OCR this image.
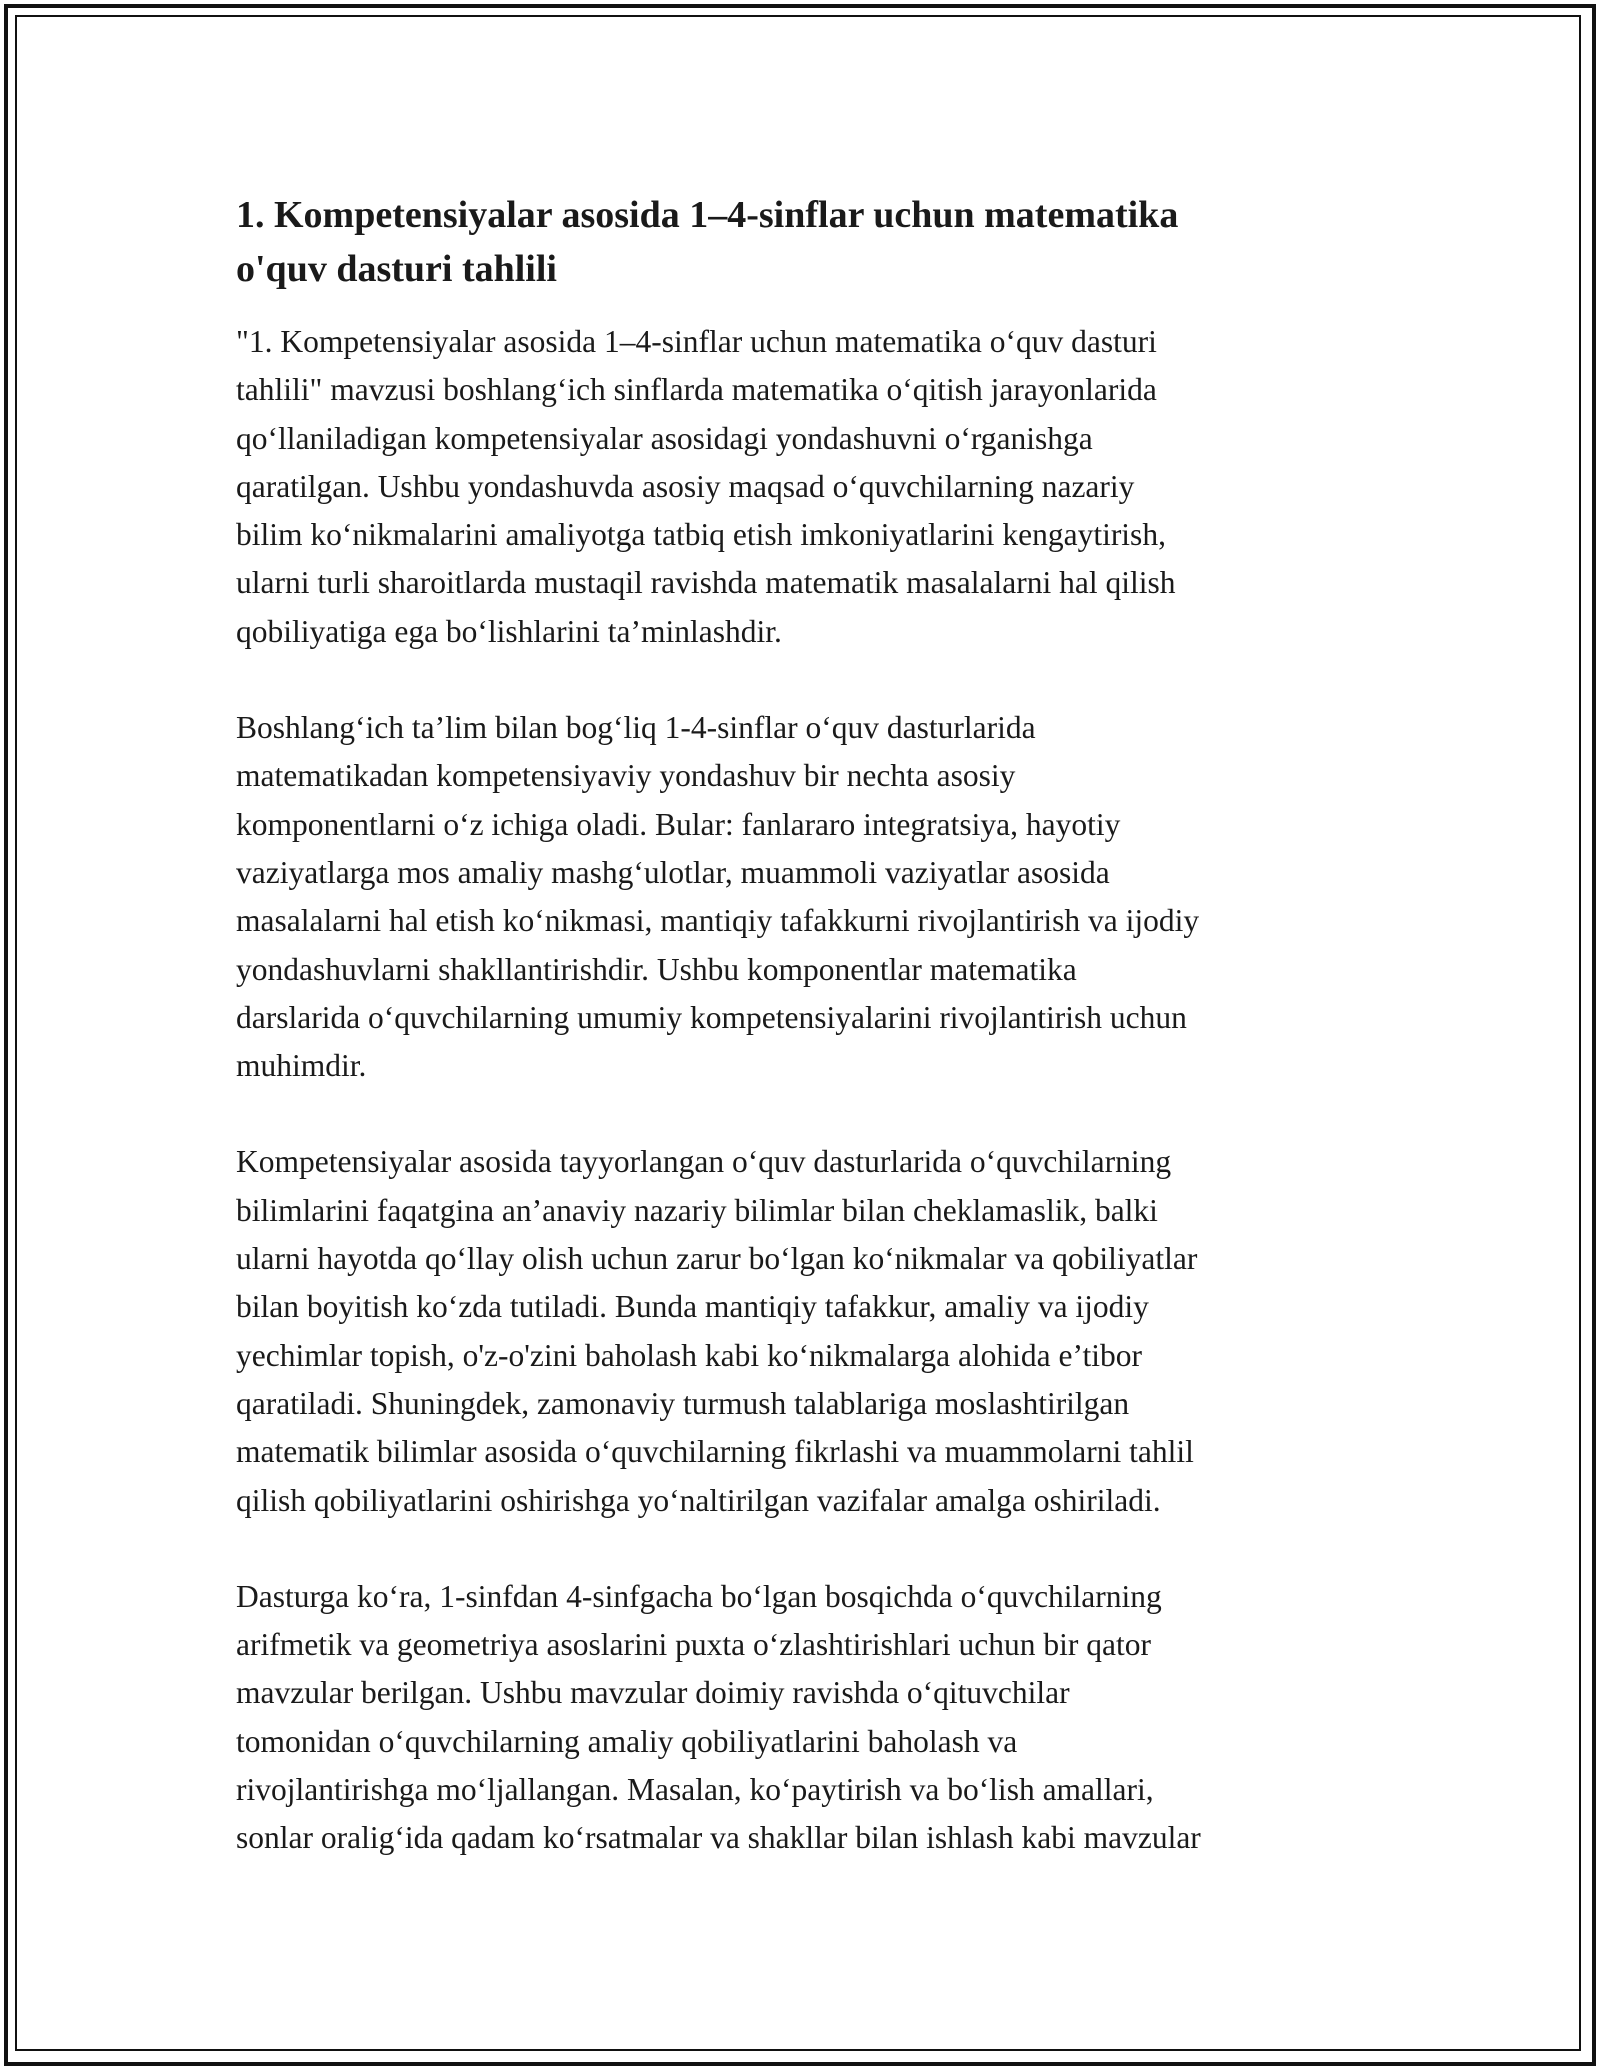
1. Kompetensiyalar asosida 1–4-sinflar uchun matematika
o'quv dasturi tahlili

"1. Kompetensiyalar asosida 1–4-sinflar uchun matematika o‘quv dasturi
tahlili" mavzusi boshlang‘ich sinflarda matematika o‘qitish jarayonlarida
qo‘llaniladigan kompetensiyalar asosidagi yondashuvni o‘rganishga
qaratilgan. Ushbu yondashuvda asosiy maqsad o‘quvchilarning nazariy
bilim ko‘nikmalarini amaliyotga tatbiq etish imkoniyatlarini kengaytirish,
ularni turli sharoitlarda mustaqil ravishda matematik masalalarni hal qilish
qobiliyatiga ega bo‘lishlarini ta’minlashdir.

Boshlang‘ich ta’lim bilan bog‘liq 1-4-sinflar o‘quv dasturlarida
matematikadan kompetensiyaviy yondashuv bir nechta asosiy
komponentlarni o‘z ichiga oladi. Bular: fanlararo integratsiya, hayotiy
vaziyatlarga mos amaliy mashg‘ulotlar, muammoli vaziyatlar asosida
masalalarni hal etish ko‘nikmasi, mantiqiy tafakkurni rivojlantirish va ijodiy
yondashuvlarni shakllantirishdir. Ushbu komponentlar matematika
darslarida o‘quvchilarning umumiy kompetensiyalarini rivojlantirish uchun
muhimdir.

Kompetensiyalar asosida tayyorlangan o‘quv dasturlarida o‘quvchilarning
bilimlarini faqatgina an’anaviy nazariy bilimlar bilan cheklamaslik, balki
ularni hayotda qo‘llay olish uchun zarur bo‘lgan ko‘nikmalar va qobiliyatlar
bilan boyitish ko‘zda tutiladi. Bunda mantiqiy tafakkur, amaliy va ijodiy
yechimlar topish, o'z-o'zini baholash kabi ko‘nikmalarga alohida e’tibor
qaratiladi. Shuningdek, zamonaviy turmush talablariga moslashtirilgan
matematik bilimlar asosida o‘quvchilarning fikrlashi va muammolarni tahlil
qilish qobiliyatlarini oshirishga yo‘naltirilgan vazifalar amalga oshiriladi.

Dasturga ko‘ra, 1-sinfdan 4-sinfgacha bo‘lgan bosqichda o‘quvchilarning
arifmetik va geometriya asoslarini puxta o‘zlashtirishlari uchun bir qator
mavzular berilgan. Ushbu mavzular doimiy ravishda o‘qituvchilar
tomonidan o‘quvchilarning amaliy qobiliyatlarini baholash va
rivojlantirishga mo‘ljallangan. Masalan, ko‘paytirish va bo‘lish amallari,
sonlar oralig‘ida qadam ko‘rsatmalar va shakllar bilan ishlash kabi mavzular
